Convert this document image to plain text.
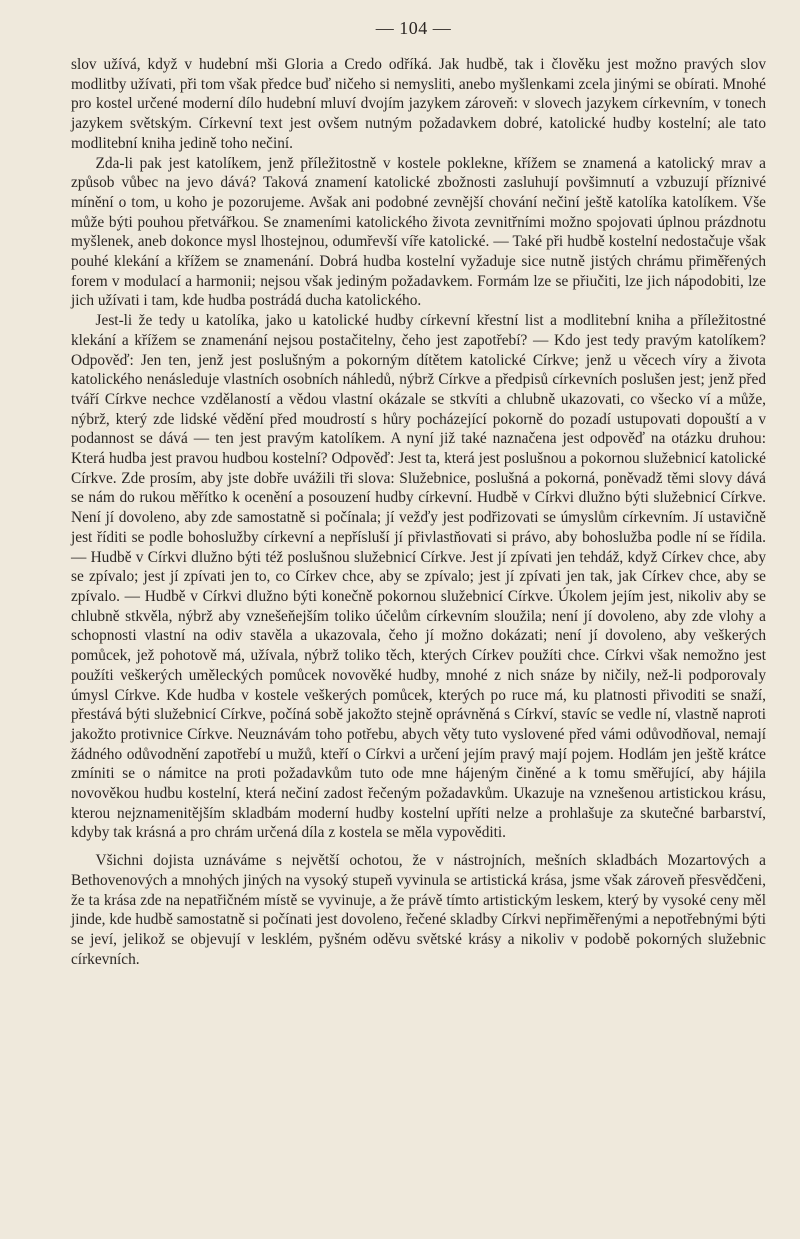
— 104 —

slov užívá, když v hudební mši Gloria a Credo odříká. Jak hudbě, tak i člověku jest možno pravých slov modlitby užívati, při tom však předce buď ničeho si nemysliti, anebo myšlenkami zcela jinými se obírati. Mnohé pro kostel určené moderní dílo hudební mluví dvojím jazykem zároveň: v slovech jazykem církevním, v tonech jazykem světským. Církevní text jest ovšem nutným požadavkem dobré, katolické hudby kostelní; ale tato modlitební kniha jedině toho nečiní.

Zda-li pak jest katolíkem, jenž příležitostně v kostele poklekne, křížem se znamená a katolický mrav a způsob vůbec na jevo dává? Taková znamení katolické zbožnosti zasluhují povšimnutí a vzbuzují příznivé mínění o tom, u koho je pozorujeme. Avšak ani podobné zevnější chování nečiní ještě katolíka katolíkem. Vše může býti pouhou přetvářkou. Se znameními katolického života zevnitřními možno spojovati úplnou prázdnotu myšlenek, aneb dokonce mysl lhostejnou, odumřevší víře katolické. — Také při hudbě kostelní nedostačuje však pouhé klekání a křížem se znamenání. Dobrá hudba kostelní vyžaduje sice nutně jistých chrámu přiměřených forem v modulací a harmonii; nejsou však jediným požadavkem. Formám lze se přiučiti, lze jich nápodobiti, lze jich užívati i tam, kde hudba postrádá ducha katolického.

Jest-li že tedy u katolíka, jako u katolické hudby církevní křestní list a modlitební kniha a příležitostné klekání a křížem se znamenání nejsou postačitelny, čeho jest zapotřebí? — Kdo jest tedy pravým katolíkem? Odpověď: Jen ten, jenž jest poslušným a pokorným dítětem katolické Církve; jenž u věcech víry a života katolického nenásleduje vlastních osobních náhledů, nýbrž Církve a předpisů církevních poslušen jest; jenž před tváří Církve nechce vzdělaností a vědou vlastní okázale se stkvíti a chlubně ukazovati, co všecko ví a může, nýbrž, který zde lidské vědění před moudrostí s hůry pocházející pokorně do pozadí ustupovati dopouští a v podannost se dává — ten jest pravým katolíkem. A nyní již také naznačena jest odpověď na otázku druhou: Která hudba jest pravou hudbou kostelní? Odpověď: Jest ta, která jest poslušnou a pokornou služebnicí katolické Církve. Zde prosím, aby jste dobře uvážili tři slova: Služebnice, poslušná a pokorná, poněvadž těmi slovy dává se nám do rukou měřítko k ocenění a posouzení hudby církevní. Hudbě v Církvi dlužno býti služebnicí Církve. Není jí dovoleno, aby zde samostatně si počínala; jí vežďy jest podřizovati se úmyslům církevním. Jí ustavičně jest říditi se podle bohoslužby církevní a nepřísluší jí přivlastňovati si právo, aby bohoslužba podle ní se řídila. — Hudbě v Církvi dlužno býti též poslušnou služebnicí Církve. Jest jí zpívati jen tehdáž, když Církev chce, aby se zpívalo; jest jí zpívati jen to, co Církev chce, aby se zpívalo; jest jí zpívati jen tak, jak Církev chce, aby se zpívalo. — Hudbě v Církvi dlužno býti konečně pokornou služebnicí Církve. Úkolem jejím jest, nikoliv aby se chlubně stkvěla, nýbrž aby vznešeňejším toliko účelům církevním sloužila; není jí dovoleno, aby zde vlohy a schopnosti vlastní na odiv stavěla a ukazovala, čeho jí možno dokázati; není jí dovoleno, aby veškerých pomůcek, jež pohotově má, užívala, nýbrž toliko těch, kterých Církev použíti chce. Církvi však nemožno jest použíti veškerých uměleckých pomůcek novověké hudby, mnohé z nich snáze by ničily, než-li podporovaly úmysl Církve. Kde hudba v kostele veškerých pomůcek, kterých po ruce má, ku platnosti přivoditi se snaží, přestává býti služebnicí Církve, počíná sobě jakožto stejně oprávněná s Církví, stavíc se vedle ní, vlastně naproti jakožto protivnice Církve. Neuznávám toho potřebu, abych věty tuto vyslovené před vámi odůvodňoval, nemají žádného odůvodnění zapotřebí u mužů, kteří o Církvi a určení jejím pravý mají pojem. Hodlám jen ještě krátce zmíniti se o námitce na proti požadavkům tuto ode mne hájeným činěné a k tomu směřující, aby hájila novověkou hudbu kostelní, která nečiní zadost řečeným požadavkům. Ukazuje na vznešenou artistickou krásu, kterou nejznamenitějším skladbám moderní hudby kostelní upříti nelze a prohlašuje za skutečné barbarství, kdyby tak krásná a pro chrám určená díla z kostela se měla vypověditi.

Všichni dojista uznáváme s největší ochotou, že v nástrojních, mešních skladbách Mozartových a Bethovenových a mnohých jiných na vysoký stupeň vyvinula se artistická krása, jsme však zároveň přesvědčeni, že ta krása zde na nepatřičném místě se vyvinuje, a že právě tímto artistickým leskem, který by vysoké ceny měl jinde, kde hudbě samostatně si počínati jest dovoleno, řečené skladby Církvi nepřiměřenými a nepotřebnými býti se jeví, jelikož se objevují v lesklém, pyšném oděvu světské krásy a nikoliv v podobě pokorných služebnic církevních.
